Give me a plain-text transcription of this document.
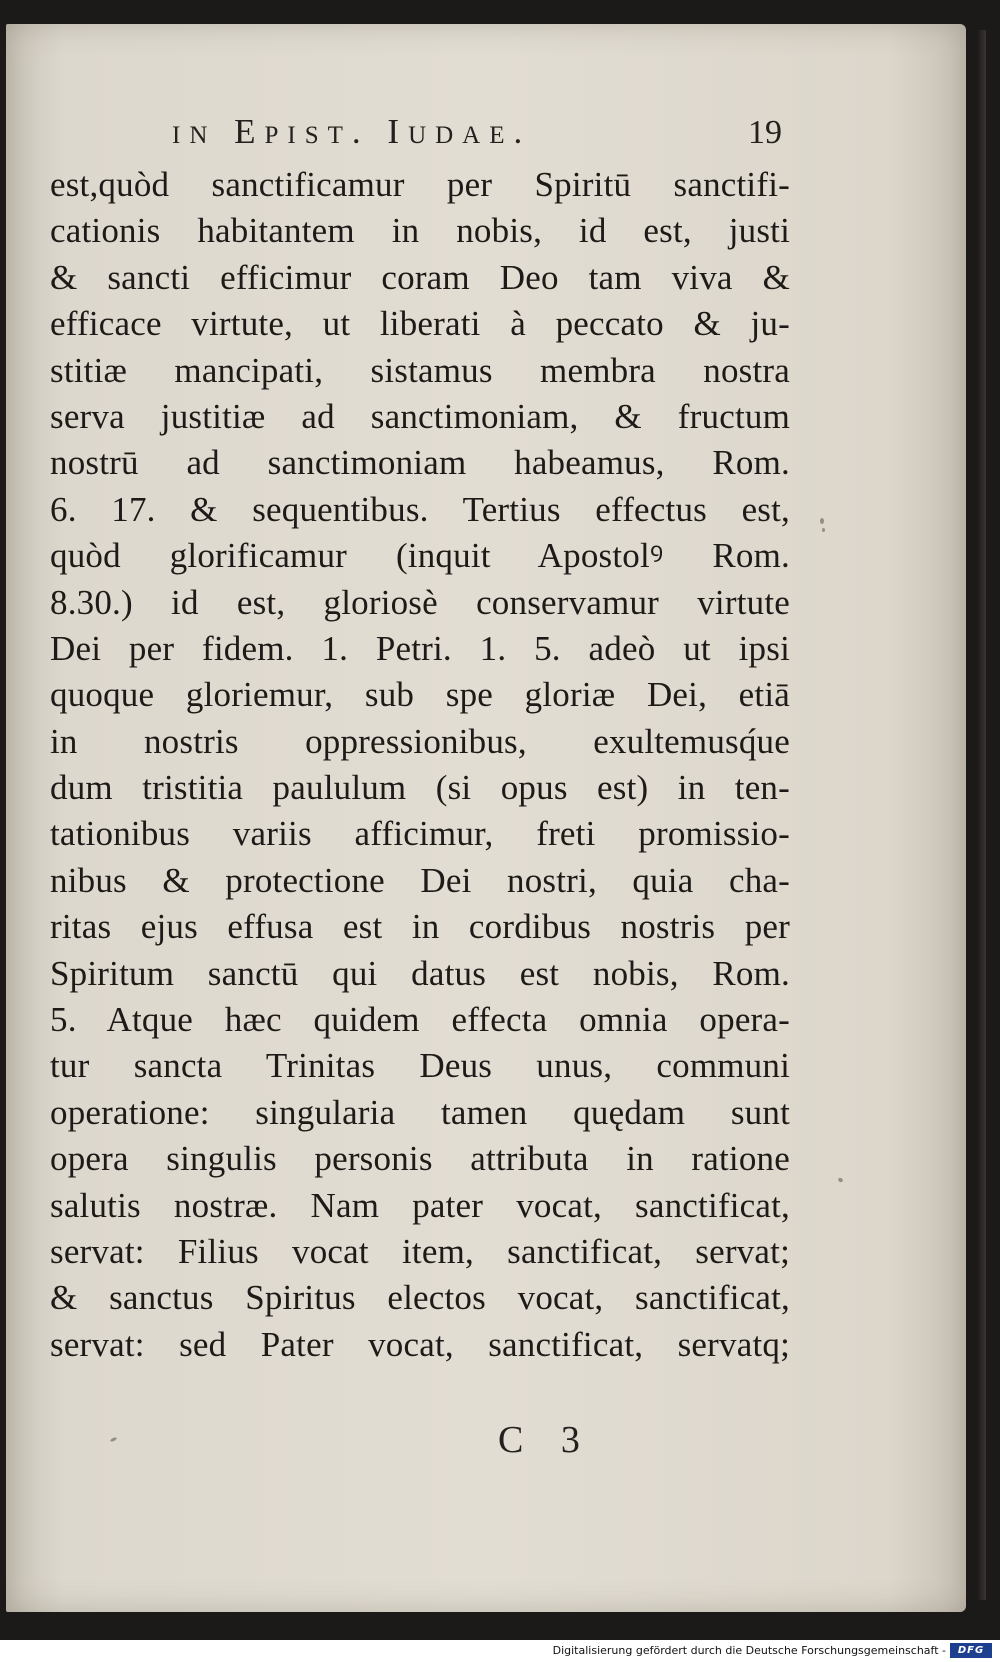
in Epist. Iudae.	19
est,quòd sanctificamur per Spiritū sanctifi-
cationis habitantem in nobis, id est, justi
& sancti efficimur coram Deo tam viva &
efficace virtute, ut liberati à peccato & ju-
stitiæ mancipati, sistamus membra nostra
serva justitiæ ad sanctimoniam, & fructum
nostrū ad sanctimoniam habeamus, Rom.
6. 17. & sequentibus. Tertius effectus est,
quòd glorificamur (inquit Apostolꝰ Rom.
8.30.) id est, gloriosè conservamur virtute
Dei per fidem. 1. Petri. 1. 5. adeò ut ipsi
quoque gloriemur, sub spe gloriæ Dei, etiā
in nostris oppressionibus, exultemusq́ue
dum tristitia paululum (si opus est) in ten-
tationibus variis afficimur, freti promissio-
nibus & protectione Dei nostri, quia cha-
ritas ejus effusa est in cordibus nostris per
Spiritum sanctū qui datus est nobis, Rom.
5. Atque hæc quidem effecta omnia opera-
tur sancta Trinitas Deus unus, communi
operatione: singularia tamen quędam sunt
opera singulis personis attributa in ratione
salutis nostræ. Nam pater vocat, sanctificat,
servat: Filius vocat item, sanctificat, servat;
& sanctus Spiritus electos vocat, sanctificat,
servat: sed Pater vocat, sanctificat, servatq;
C 3
Digitalisierung gefördert durch die Deutsche Forschungsgemeinschaft -	DFG
